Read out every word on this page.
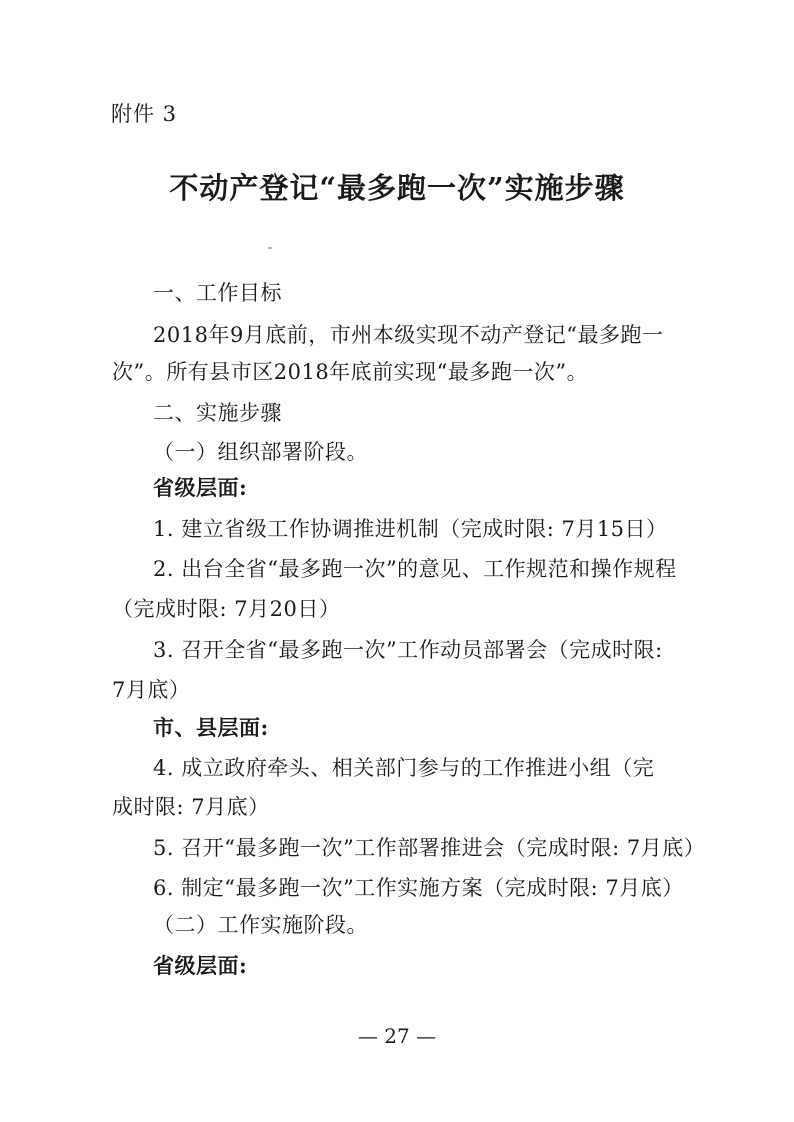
附件 3
不动产登记“最多跑一次”实施步骤
一、工作目标
2018年9月底前，市州本级实现不动产登记“最多跑一
次”。所有县市区2018年底前实现“最多跑一次”。
二、实施步骤
（一）组织部署阶段。
省级层面:
1. 建立省级工作协调推进机制（完成时限: 7月15日）
2. 出台全省“最多跑一次”的意见、工作规范和操作规程
（完成时限: 7月20日）
3. 召开全省“最多跑一次”工作动员部署会（完成时限:
7月底）
市、县层面:
4. 成立政府牵头、相关部门参与的工作推进小组（完
成时限: 7月底）
5. 召开“最多跑一次”工作部署推进会（完成时限: 7月底）
6. 制定“最多跑一次”工作实施方案（完成时限: 7月底）
（二）工作实施阶段。
省级层面:
— 27 —
